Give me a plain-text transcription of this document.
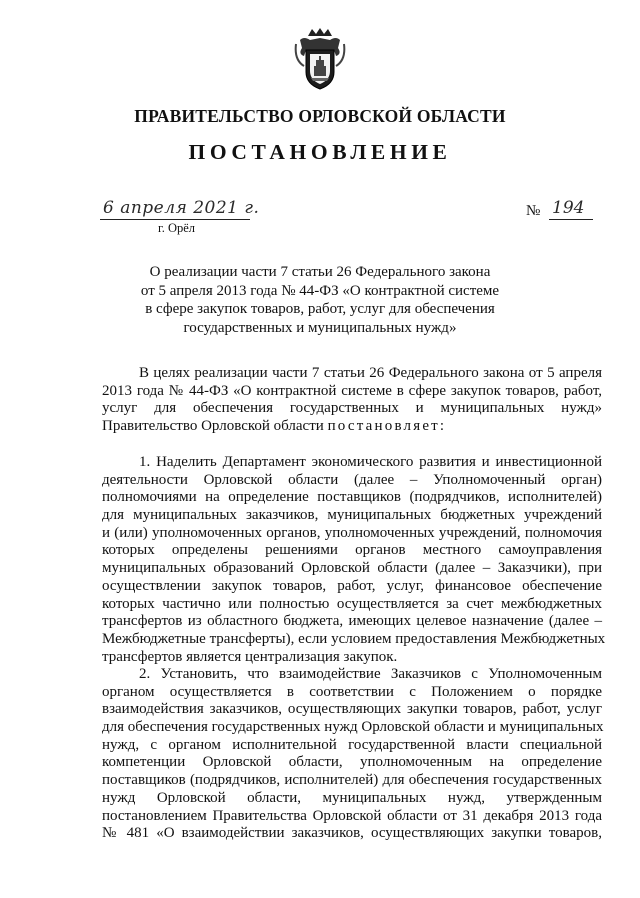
ПРАВИТЕЛЬСТВО ОРЛОВСКОЙ ОБЛАСТИ
ПОСТАНОВЛЕНИЕ
6 апреля 2021 г.
г. Орёл
№ 194
О реализации части 7 статьи 26 Федерального закона
от 5 апреля 2013 года № 44-ФЗ «О контрактной системе
в сфере закупок товаров, работ, услуг для обеспечения
государственных и муниципальных нужд»
В целях реализации части 7 статьи 26 Федерального закона от 5 апреля
2013 года № 44-ФЗ «О контрактной системе в сфере закупок товаров, работ,
услуг для обеспечения государственных и муниципальных нужд»
Правительство Орловской области постановляет:
1. Наделить Департамент экономического развития и инвестиционной
деятельности Орловской области (далее – Уполномоченный орган)
полномочиями на определение поставщиков (подрядчиков, исполнителей)
для муниципальных заказчиков, муниципальных бюджетных учреждений
и (или) уполномоченных органов, уполномоченных учреждений, полномочия
которых определены решениями органов местного самоуправления
муниципальных образований Орловской области (далее – Заказчики), при
осуществлении закупок товаров, работ, услуг, финансовое обеспечение
которых частично или полностью осуществляется за счет межбюджетных
трансфертов из областного бюджета, имеющих целевое назначение (далее –
Межбюджетные трансферты), если условием предоставления Межбюджетных
трансфертов является централизация закупок.
2. Установить, что взаимодействие Заказчиков с Уполномоченным
органом осуществляется в соответствии с Положением о порядке
взаимодействия заказчиков, осуществляющих закупки товаров, работ, услуг
для обеспечения государственных нужд Орловской области и муниципальных
нужд, с органом исполнительной государственной власти специальной
компетенции Орловской области, уполномоченным на определение
поставщиков (подрядчиков, исполнителей) для обеспечения государственных
нужд Орловской области, муниципальных нужд, утвержденным
постановлением Правительства Орловской области от 31 декабря 2013 года
№ 481 «О взаимодействии заказчиков, осуществляющих закупки товаров,
